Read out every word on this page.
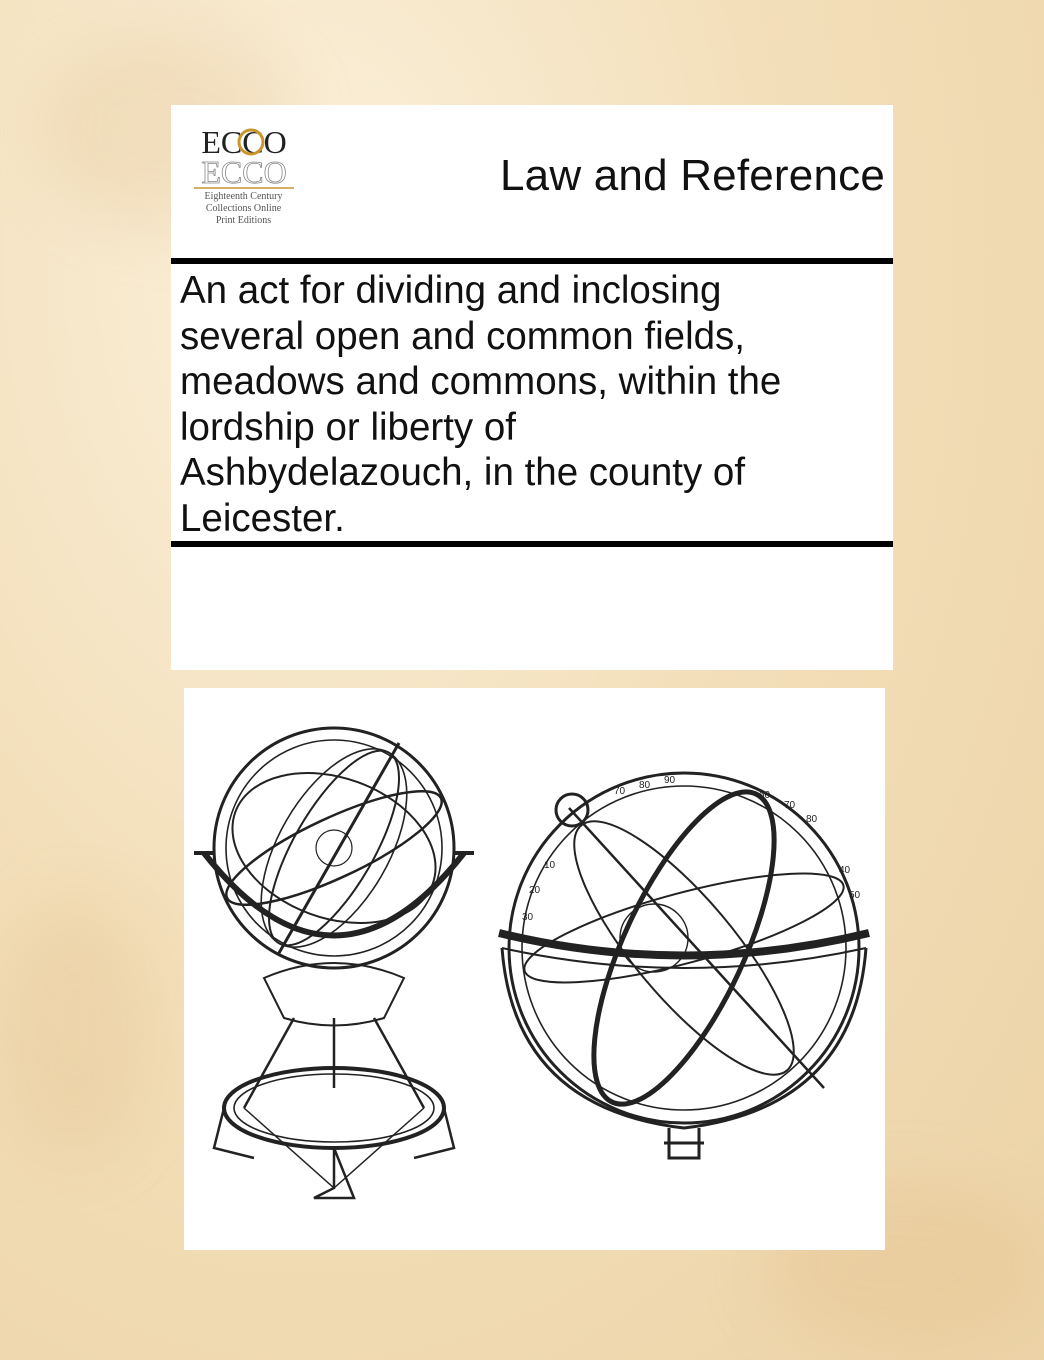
ECCO
ECCO
Eighteenth Century
Collections Online
Print Editions
Law and Reference
An act for dividing and inclosing
several open and common fields,
meadows and commons, within the
lordship or liberty of
Ashbydelazouch, in the county of
Leicester.
10
20
30
40
50
60
70
80
90
80
70
